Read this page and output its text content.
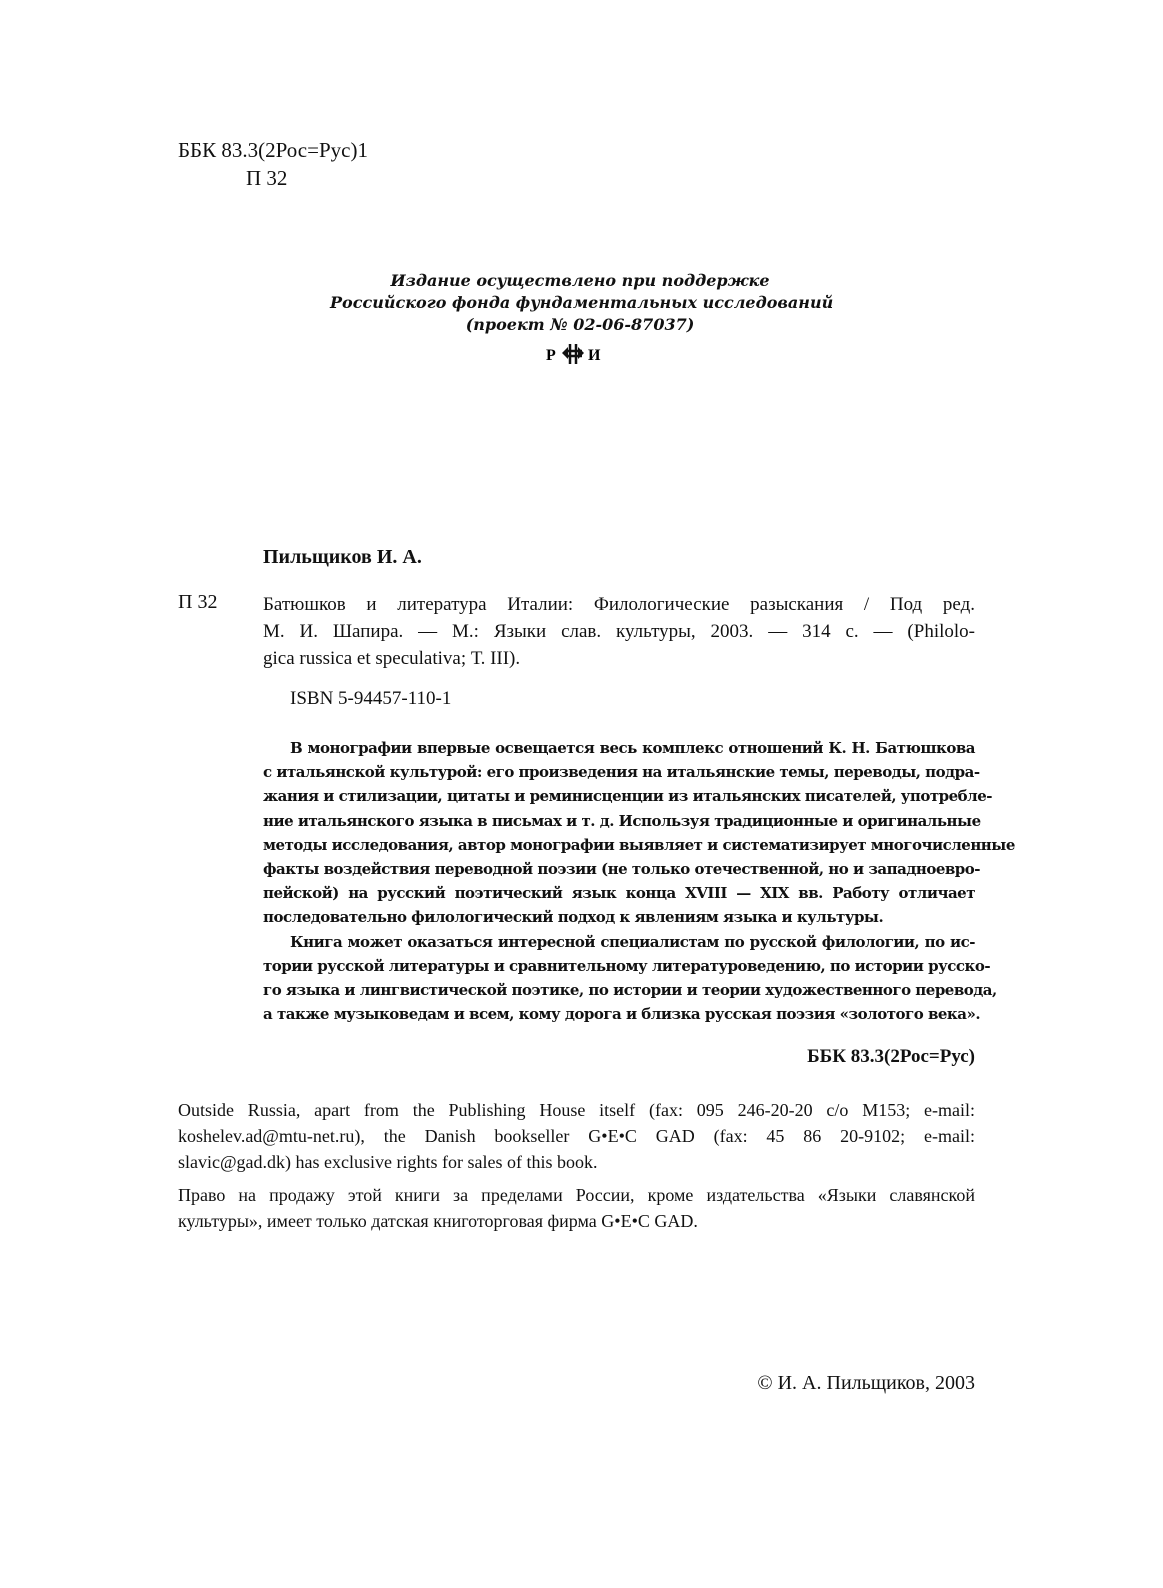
ББК 83.3(2Рос=Рус)1
П 32
Издание осуществлено при поддержке
Российского фонда фундаментальных исследований
(проект № 02-06-87037)
Р И
Пильщиков И. А.
П 32 Батюшков и литература Италии: Филологические разыскания / Под ред.
М. И. Шапира. — М.: Языки слав. культуры, 2003. — 314 с. — (Philolo-
gica russica et speculativa; Т. III).
ISBN 5-94457-110-1
В монографии впервые освещается весь комплекс отношений К. Н. Батюшкова
с итальянской культурой: его произведения на итальянские темы, переводы, подра-
жания и стилизации, цитаты и реминисценции из итальянских писателей, употребле-
ние итальянского языка в письмах и т. д. Используя традиционные и оригинальные
методы исследования, автор монографии выявляет и систематизирует многочисленные
факты воздействия переводной поэзии (не только отечественной, но и западноевро-
пейской) на русский поэтический язык конца XVIII — XIX вв. Работу отличает
последовательно филологический подход к явлениям языка и культуры.
Книга может оказаться интересной специалистам по русской филологии, по ис-
тории русской литературы и сравнительному литературоведению, по истории русско-
го языка и лингвистической поэтике, по истории и теории художественного перевода,
а также музыковедам и всем, кому дорога и близка русская поэзия «золотого века».
ББК 83.3(2Рос=Рус)
Outside Russia, apart from the Publishing House itself (fax: 095 246-20-20 c/o M153; e-mail:
koshelev.ad@mtu-net.ru), the Danish bookseller G•E•C GAD (fax: 45 86 20-9102; e-mail:
slavic@gad.dk) has exclusive rights for sales of this book.
Право на продажу этой книги за пределами России, кроме издательства «Языки славянской
культуры», имеет только датская книготорговая фирма G•E•C GAD.
© И. А. Пильщиков, 2003
